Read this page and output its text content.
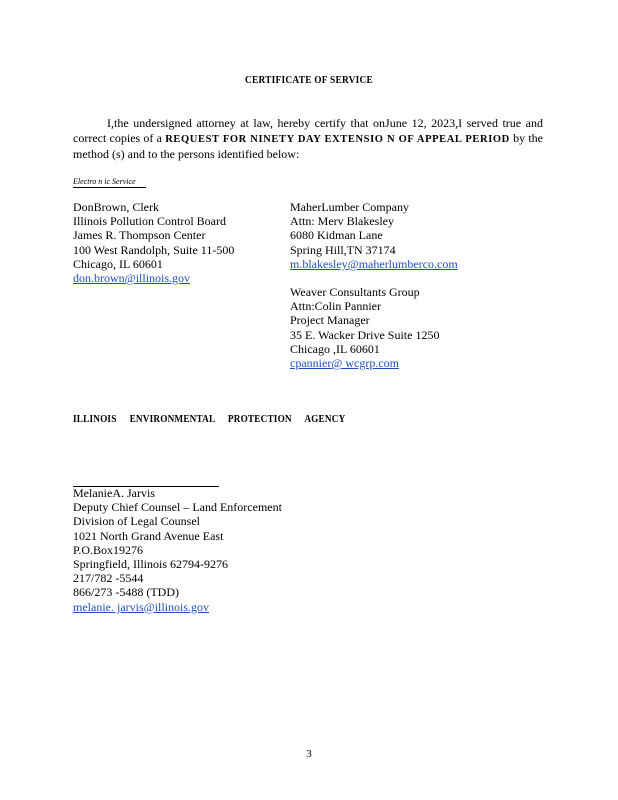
CERTIFICATE OF SERVICE
I,the undersigned attorney at law, hereby certify that onJune 12, 2023,I served true and correct copies of a REQUEST FOR NINETY DAY EXTENSIO N OF APPEAL PERIOD by the method (s) and to the persons identified below:
Electro n ic Service
DonBrown, Clerk
Illinois Pollution Control Board
James R. Thompson Center
100 West Randolph, Suite 11-500
Chicago, IL 60601
don.brown@illinois.gov
MaherLumber Company
Attn: Merv Blakesley
6080 Kidman Lane
Spring Hill,TN 37174
m.blakesley@maherlumberco.com
Weaver Consultants Group
Attn:Colin Pannier
Project Manager
35 E. Wacker Drive Suite 1250
Chicago ,IL 60601
cpannier@ wcgrp.com
ILLINOIS ENVIRONMENTAL PROTECTION AGENCY
MelanieA. Jarvis
Deputy Chief Counsel – Land Enforcement
Division of Legal Counsel
1021 North Grand Avenue East
P.O.Box19276
Springfield, Illinois 62794-9276
217/782 -5544
866/273 -5488 (TDD)
melanie. jarvis@illinois.gov
3
